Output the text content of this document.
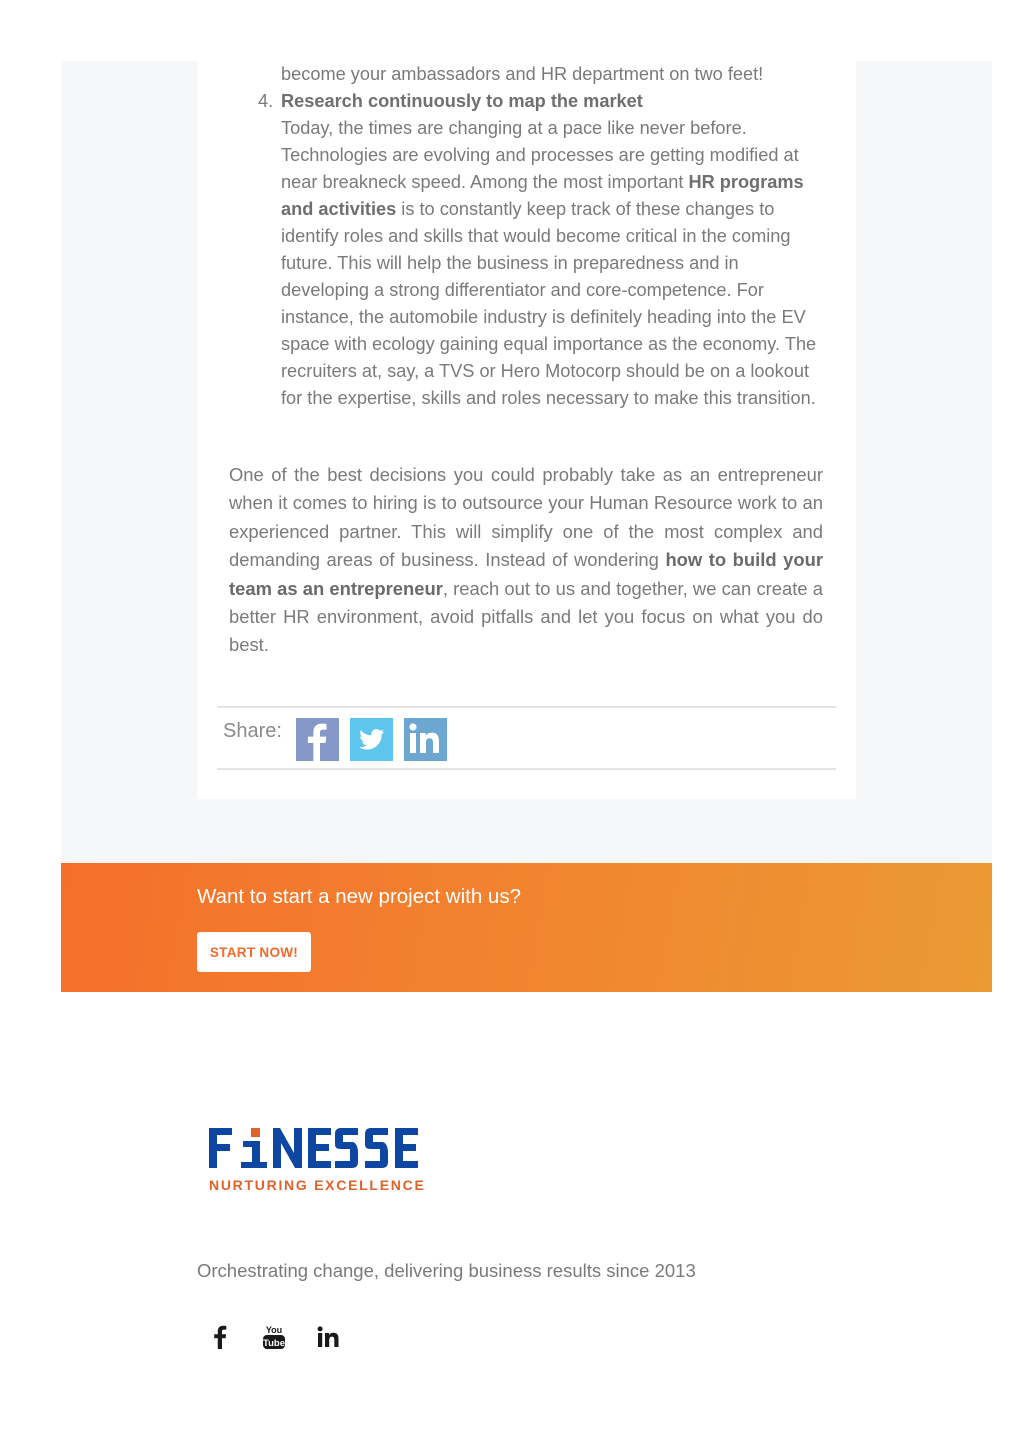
become your ambassadors and HR department on two feet!

4. Research continuously to map the market
Today, the times are changing at a pace like never before. Technologies are evolving and processes are getting modified at near breakneck speed. Among the most important HR programs and activities is to constantly keep track of these changes to identify roles and skills that would become critical in the coming future. This will help the business in preparedness and in developing a strong differentiator and core-competence. For instance, the automobile industry is definitely heading into the EV space with ecology gaining equal importance as the economy. The recruiters at, say, a TVS or Hero Motocorp should be on a lookout for the expertise, skills and roles necessary to make this transition.
One of the best decisions you could probably take as an entrepreneur when it comes to hiring is to outsource your Human Resource work to an experienced partner. This will simplify one of the most complex and demanding areas of business. Instead of wondering how to build your team as an entrepreneur, reach out to us and together, we can create a better HR environment, avoid pitfalls and let you focus on what you do best.
Share:
Want to start a new project with us?
START NOW!
NURTURING EXCELLENCE
Orchestrating change, delivering business results since 2013
You
Tube
